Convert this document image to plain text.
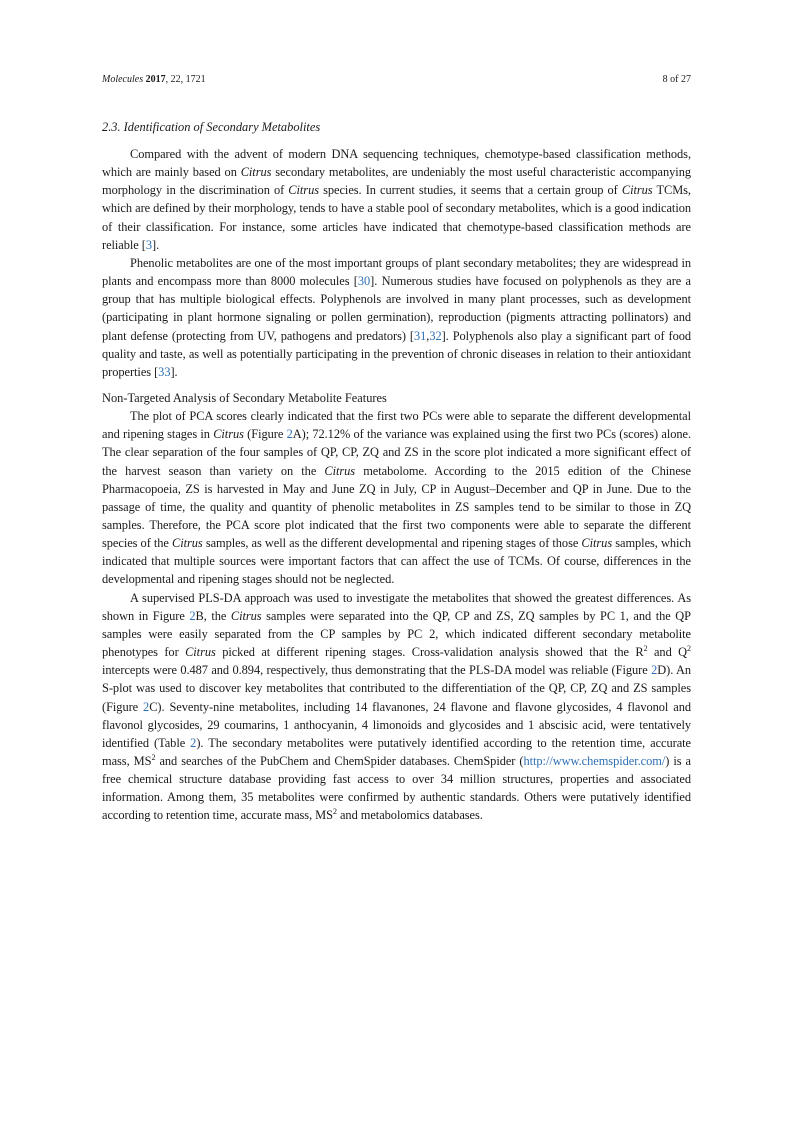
Molecules 2017, 22, 1721	8 of 27
2.3. Identification of Secondary Metabolites

Compared with the advent of modern DNA sequencing techniques, chemotype-based classification methods, which are mainly based on Citrus secondary metabolites, are undeniably the most useful characteristic accompanying morphology in the discrimination of Citrus species. In current studies, it seems that a certain group of Citrus TCMs, which are defined by their morphology, tends to have a stable pool of secondary metabolites, which is a good indication of their classification. For instance, some articles have indicated that chemotype-based classification methods are reliable [3].

Phenolic metabolites are one of the most important groups of plant secondary metabolites; they are widespread in plants and encompass more than 8000 molecules [30]. Numerous studies have focused on polyphenols as they are a group that has multiple biological effects. Polyphenols are involved in many plant processes, such as development (participating in plant hormone signaling or pollen germination), reproduction (pigments attracting pollinators) and plant defense (protecting from UV, pathogens and predators) [31,32]. Polyphenols also play a significant part of food quality and taste, as well as potentially participating in the prevention of chronic diseases in relation to their antioxidant properties [33].

Non-Targeted Analysis of Secondary Metabolite Features

The plot of PCA scores clearly indicated that the first two PCs were able to separate the different developmental and ripening stages in Citrus (Figure 2A); 72.12% of the variance was explained using the first two PCs (scores) alone. The clear separation of the four samples of QP, CP, ZQ and ZS in the score plot indicated a more significant effect of the harvest season than variety on the Citrus metabolome. According to the 2015 edition of the Chinese Pharmacopoeia, ZS is harvested in May and June ZQ in July, CP in August–December and QP in June. Due to the passage of time, the quality and quantity of phenolic metabolites in ZS samples tend to be similar to those in ZQ samples. Therefore, the PCA score plot indicated that the first two components were able to separate the different species of the Citrus samples, as well as the different developmental and ripening stages of those Citrus samples, which indicated that multiple sources were important factors that can affect the use of TCMs. Of course, differences in the developmental and ripening stages should not be neglected.

A supervised PLS-DA approach was used to investigate the metabolites that showed the greatest differences. As shown in Figure 2B, the Citrus samples were separated into the QP, CP and ZS, ZQ samples by PC 1, and the QP samples were easily separated from the CP samples by PC 2, which indicated different secondary metabolite phenotypes for Citrus picked at different ripening stages. Cross-validation analysis showed that the $R^2$ and $Q^2$ intercepts were 0.487 and 0.894, respectively, thus demonstrating that the PLS-DA model was reliable (Figure 2D). An S-plot was used to discover key metabolites that contributed to the differentiation of the QP, CP, ZQ and ZS samples (Figure 2C). Seventy-nine metabolites, including 14 flavanones, 24 flavone and flavone glycosides, 4 flavonol and flavonol glycosides, 29 coumarins, 1 anthocyanin, 4 limonoids and glycosides and 1 abscisic acid, were tentatively identified (Table 2). The secondary metabolites were putatively identified according to the retention time, accurate mass, $MS^2$ and searches of the PubChem and ChemSpider databases. ChemSpider (http://www.chemspider.com/) is a free chemical structure database providing fast access to over 34 million structures, properties and associated information. Among them, 35 metabolites were confirmed by authentic standards. Others were putatively identified according to retention time, accurate mass, $MS^2$ and metabolomics databases.
